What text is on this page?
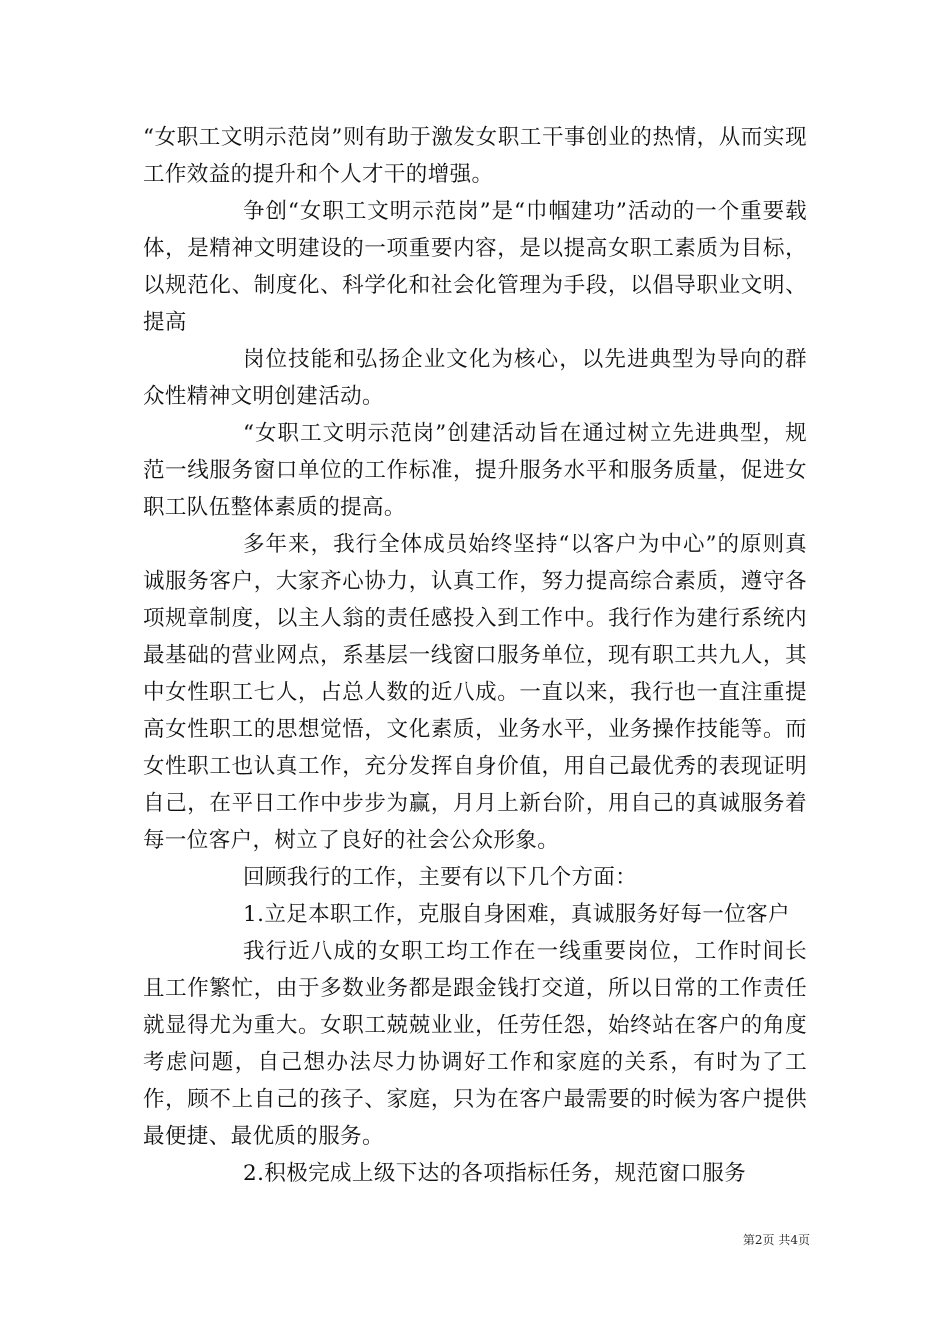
“女职工文明示范岗”则有助于激发女职工干事创业的热情，从而实现工作效益的提升和个人才干的增强。

争创“女职工文明示范岗”是“巾帼建功”活动的一个重要载体，是精神文明建设的一项重要内容，是以提高女职工素质为目标，以规范化、制度化、科学化和社会化管理为手段，以倡导职业文明、提高

岗位技能和弘扬企业文化为核心，以先进典型为导向的群众性精神文明创建活动。

“女职工文明示范岗”创建活动旨在通过树立先进典型，规范一线服务窗口单位的工作标准，提升服务水平和服务质量，促进女职工队伍整体素质的提高。

多年来，我行全体成员始终坚持“以客户为中心”的原则真诚服务客户，大家齐心协力，认真工作，努力提高综合素质，遵守各项规章制度，以主人翁的责任感投入到工作中。我行作为建行系统内最基础的营业网点，系基层一线窗口服务单位，现有职工共九人，其中女性职工七人，占总人数的近八成。一直以来，我行也一直注重提高女性职工的思想觉悟，文化素质，业务水平，业务操作技能等。而女性职工也认真工作，充分发挥自身价值，用自己最优秀的表现证明自己，在平日工作中步步为赢，月月上新台阶，用自己的真诚服务着每一位客户，树立了良好的社会公众形象。

回顾我行的工作，主要有以下几个方面：

1.立足本职工作，克服自身困难，真诚服务好每一位客户

我行近八成的女职工均工作在一线重要岗位，工作时间长且工作繁忙，由于多数业务都是跟金钱打交道，所以日常的工作责任就显得尤为重大。女职工兢兢业业，任劳任怨，始终站在客户的角度考虑问题，自己想办法尽力协调好工作和家庭的关系，有时为了工作，顾不上自己的孩子、家庭，只为在客户最需要的时候为客户提供最便捷、最优质的服务。

2.积极完成上级下达的各项指标任务，规范窗口服务

第2页 共4页
